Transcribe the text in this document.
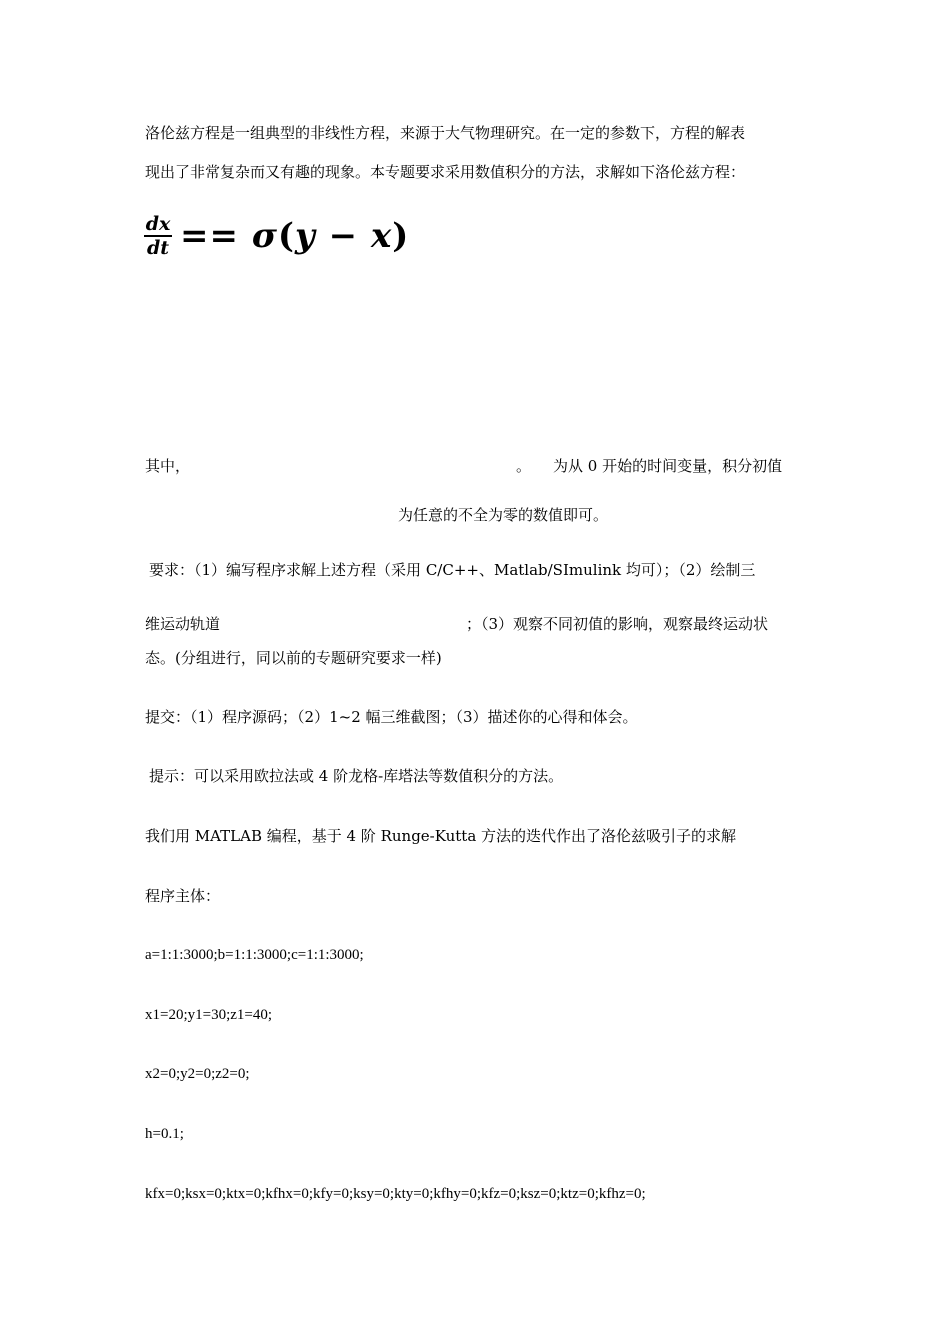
洛伦兹方程是一组典型的非线性方程，来源于大气物理研究。在一定的参数下，方程的解表
现出了非常复杂而又有趣的现象。本专题要求采用数值积分的方法，求解如下洛伦兹方程：
$\frac{dx}{dt} == \sigma(y - x)$
其中，	。 为从 0 开始的时间变量，积分初值
为任意的不全为零的数值即可。
要求：（1）编写程序求解上述方程（采用 C/C++、Matlab/SImulink 均可）；（2）绘制三
维运动轨道	；（3）观察不同初值的影响，观察最终运动状
态。(分组进行，同以前的专题研究要求一样)
提交：（1）程序源码；（2）1~2 幅三维截图；（3）描述你的心得和体会。
提示：可以采用欧拉法或 4 阶龙格-库塔法等数值积分的方法。
我们用 MATLAB 编程，基于 4 阶 Runge-Kutta 方法的迭代作出了洛伦兹吸引子的求解
程序主体：
a=1:1:3000;b=1:1:3000;c=1:1:3000;
x1=20;y1=30;z1=40;
x2=0;y2=0;z2=0;
h=0.1;
kfx=0;ksx=0;ktx=0;kfhx=0;kfy=0;ksy=0;kty=0;kfhy=0;kfz=0;ksz=0;ktz=0;kfhz=0;
